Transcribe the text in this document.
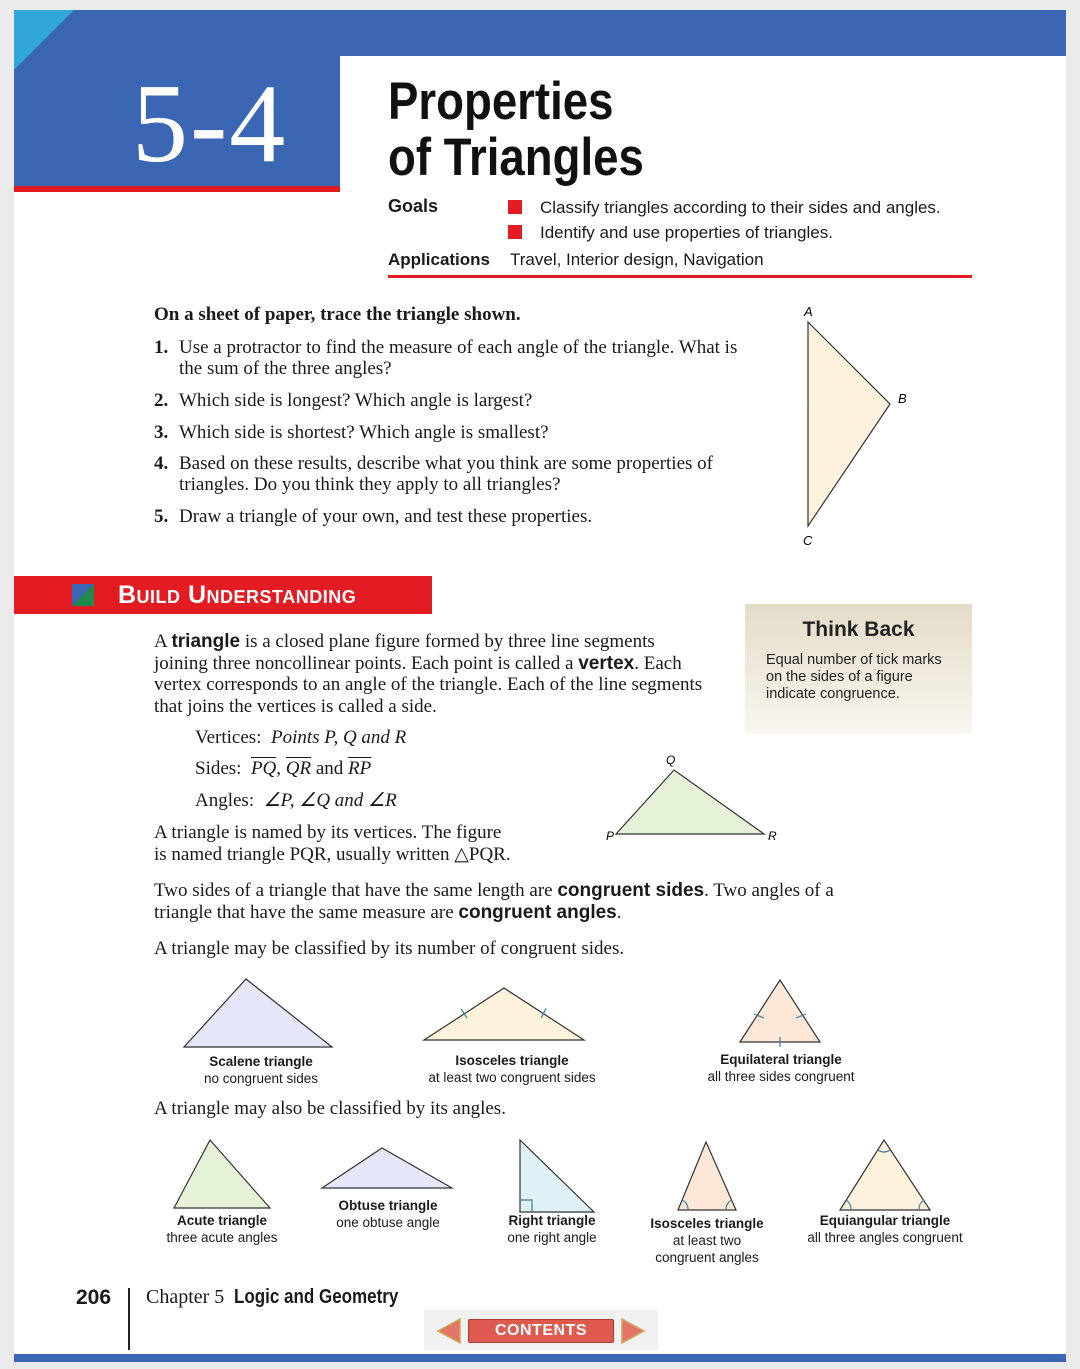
5-4 Properties
of Triangles
Goals	Classify triangles according to their sides and angles.
Identify and use properties of triangles.
Applications Travel, Interior design, Navigation
On a sheet of paper, trace the triangle shown.
1. Use a protractor to find the measure of each angle of the triangle. What is the sum of the three angles?
2. Which side is longest? Which angle is largest?
3. Which side is shortest? Which angle is smallest?
4. Based on these results, describe what you think are some properties of triangles. Do you think they apply to all triangles?
5. Draw a triangle of your own, and test these properties.
A
B
C
Build Understanding
Think Back
Equal number of tick marks on the sides of a figure indicate congruence.
A triangle is a closed plane figure formed by three line segments joining three noncollinear points. Each point is called a vertex. Each vertex corresponds to an angle of the triangle. Each of the line segments that joins the vertices is called a side.
Vertices: Points P, Q and R
Sides: $\overline{PQ}$, $\overline{QR}$ and $\overline{RP}$
Angles: ∠P, ∠Q and ∠R
A triangle is named by its vertices. The figure
is named triangle PQR, usually written △PQR.
P
Q
R
Two sides of a triangle that have the same length are congruent sides. Two angles of a triangle that have the same measure are congruent angles.
A triangle may be classified by its number of congruent sides.
Scalene triangle
no congruent sides
Isosceles triangle
at least two congruent sides
Equilateral triangle
all three sides congruent
A triangle may also be classified by its angles.
Acute triangle
three acute angles
Obtuse triangle
one obtuse angle	Right triangle
one right angle
Isosceles triangle
at least two congruent angles
Equiangular triangle
all three angles congruent
206 Chapter 5 Logic and Geometry
CONTENTS
